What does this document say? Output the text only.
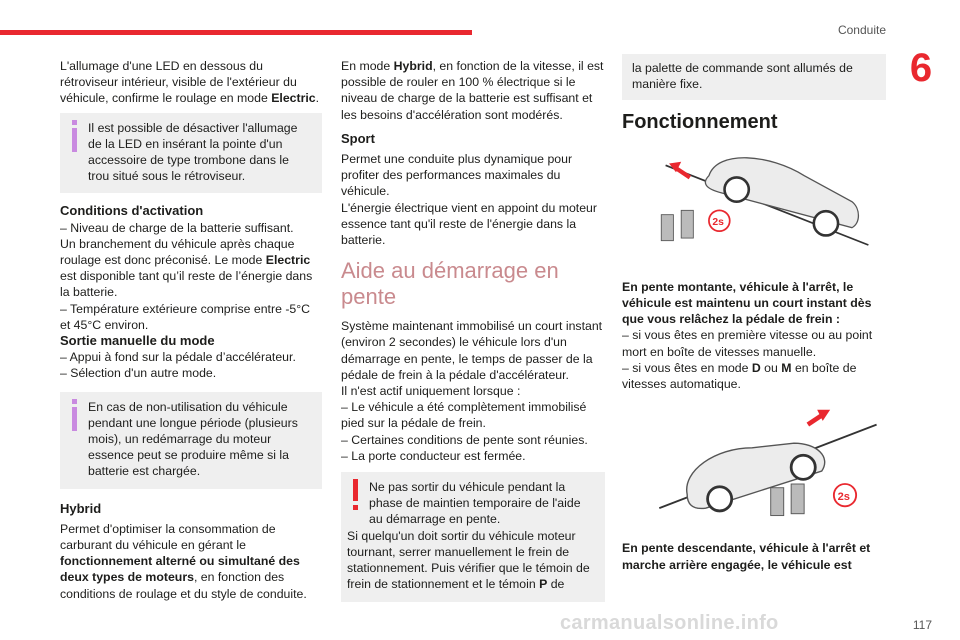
Conduite
6

L'allumage d'une LED en dessous du rétroviseur intérieur, visible de l'extérieur du véhicule, confirme le roulage en mode Electric.

Il est possible de désactiver l'allumage de la LED en insérant la pointe d'un accessoire de type trombone dans le trou situé sous le rétroviseur.

Conditions d'activation

– Niveau de charge de la batterie suffisant.

Un branchement du véhicule après chaque roulage est donc préconisé. Le mode Electric est disponible tant qu’il reste de l’énergie dans la batterie.

– Température extérieure comprise entre -5°C et 45°C environ.

Sortie manuelle du mode

– Appui à fond sur la pédale d’accélérateur.

– Sélection d'un autre mode.

En cas de non-utilisation du véhicule pendant une longue période (plusieurs mois), un redémarrage du moteur essence peut se produire même si la batterie est chargée.

Hybrid

Permet d'optimiser la consommation de carburant du véhicule en gérant le fonctionnement alterné ou simultané des deux types de moteurs, en fonction des conditions de roulage et du style de conduite.

En mode Hybrid, en fonction de la vitesse, il est possible de rouler en 100 % électrique si le niveau de charge de la batterie est suffisant et les besoins d'accélération sont modérés.

Sport

Permet une conduite plus dynamique pour profiter des performances maximales du véhicule.

L'énergie électrique vient en appoint du moteur essence tant qu'il reste de l'énergie dans la batterie.

Aide au démarrage en
pente

Système maintenant immobilisé un court instant (environ 2 secondes) le véhicule lors d'un démarrage en pente, le temps de passer de la pédale de frein à la pédale d'accélérateur.

Il n'est actif uniquement lorsque :

– Le véhicule a été complètement immobilisé pied sur la pédale de frein.

– Certaines conditions de pente sont réunies.

– La porte conducteur est fermée.

Ne pas sortir du véhicule pendant la phase de maintien temporaire de l'aide au démarrage en pente.
Si quelqu'un doit sortir du véhicule moteur tournant, serrer manuellement le frein de stationnement. Puis vérifier que le témoin de frein de stationnement et le témoin P de
la palette de commande sont allumés de manière fixe.
Fonctionnement
2s

En pente montante, véhicule à l'arrêt, le véhicule est maintenu un court instant dès que vous relâchez la pédale de frein :

– si vous êtes en première vitesse ou au point mort en boîte de vitesses manuelle.

– si vous êtes en mode D ou M en boîte de vitesses automatique.

2s

En pente descendante, véhicule à l'arrêt et marche arrière engagée, le véhicule est

carmanualsonline.info	117
